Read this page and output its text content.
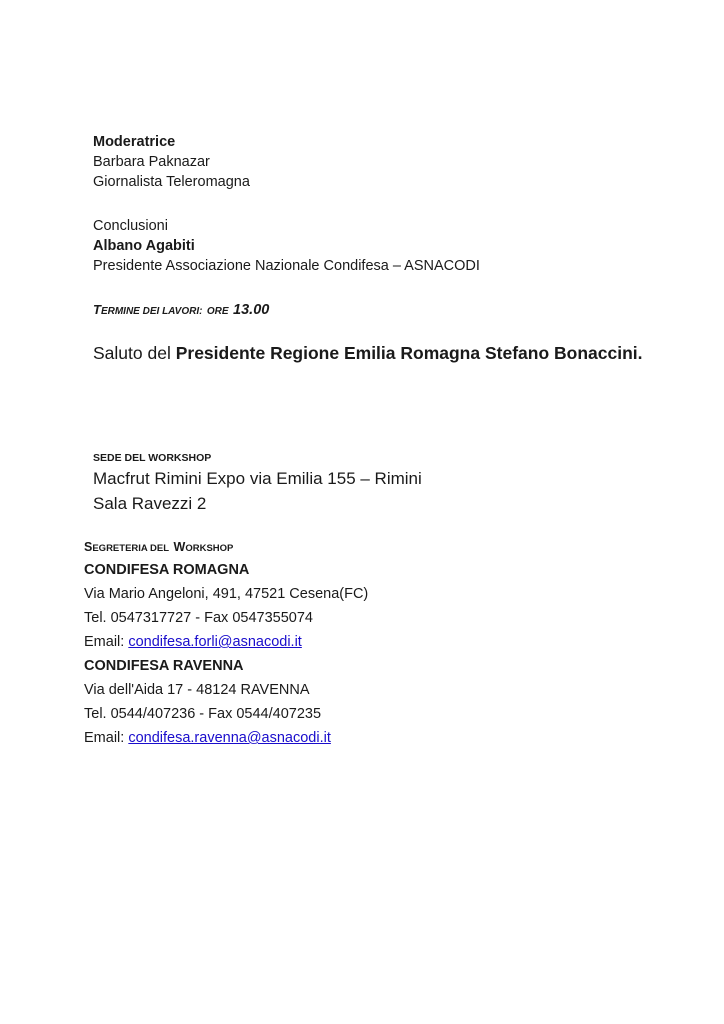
Moderatrice
Barbara Paknazar
Giornalista Teleromagna
Conclusioni
Albano Agabiti
Presidente Associazione Nazionale Condifesa – ASNACODI
TERMINE DEI LAVORI: ORE 13.00
Saluto del Presidente Regione Emilia Romagna Stefano Bonaccini.
SEDE DEL WORKSHOP
Macfrut Rimini Expo via Emilia 155 – Rimini
Sala Ravezzi 2
SEGRETERIA DEL WORKSHOP
CONDIFESA ROMAGNA
Via Mario Angeloni, 491, 47521 Cesena(FC)
Tel. 0547317727 - Fax 0547355074
Email: condifesa.forli@asnacodi.it
CONDIFESA RAVENNA
Via dell'Aida 17 - 48124 RAVENNA
Tel. 0544/407236 - Fax 0544/407235
Email: condifesa.ravenna@asnacodi.it
